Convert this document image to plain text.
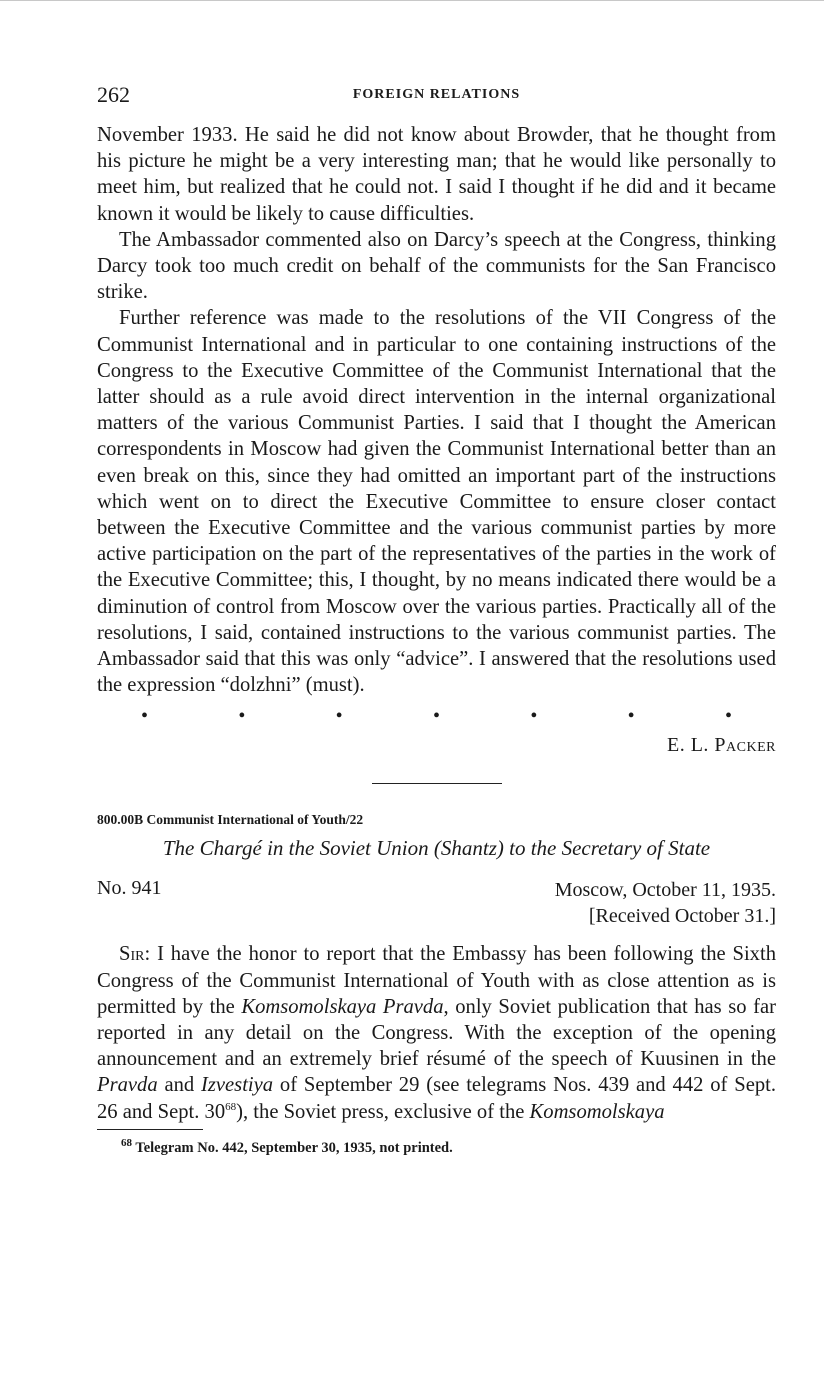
262	FOREIGN RELATIONS

November 1933. He said he did not know about Browder, that he thought from his picture he might be a very interesting man; that he would like personally to meet him, but realized that he could not. I said I thought if he did and it became known it would be likely to cause difficulties.

The Ambassador commented also on Darcy’s speech at the Congress, thinking Darcy took too much credit on behalf of the communists for the San Francisco strike.

Further reference was made to the resolutions of the VII Congress of the Communist International and in particular to one containing instructions of the Congress to the Executive Committee of the Communist International that the latter should as a rule avoid direct intervention in the internal organizational matters of the various Communist Parties. I said that I thought the American correspondents in Moscow had given the Communist International better than an even break on this, since they had omitted an important part of the instructions which went on to direct the Executive Committee to ensure closer contact between the Executive Committee and the various communist parties by more active participation on the part of the representatives of the parties in the work of the Executive Committee; this, I thought, by no means indicated there would be a diminution of control from Moscow over the various parties. Practically all of the resolutions, I said, contained instructions to the various communist parties. The Ambassador said that this was only “advice”. I answered that the resolutions used the expression “dolzhni” (must).

•	•	•	•	•	•	•
E. L. Packer
800.00B Communist International of Youth/22
The Chargé in the Soviet Union (Shantz) to the Secretary of State
No. 941	Moscow, October 11, 1935.
[Received October 31.]

Sir: I have the honor to report that the Embassy has been following the Sixth Congress of the Communist International of Youth with as close attention as is permitted by the Komsomolskaya Pravda, only Soviet publication that has so far reported in any detail on the Congress. With the exception of the opening announcement and an extremely brief résumé of the speech of Kuusinen in the Pravda and Izvestiya of September 29 (see telegrams Nos. 439 and 442 of Sept. 26 and Sept. $30^{68}$), the Soviet press, exclusive of the Komsomolskaya

$^{68}$ Telegram No. 442, September 30, 1935, not printed.
